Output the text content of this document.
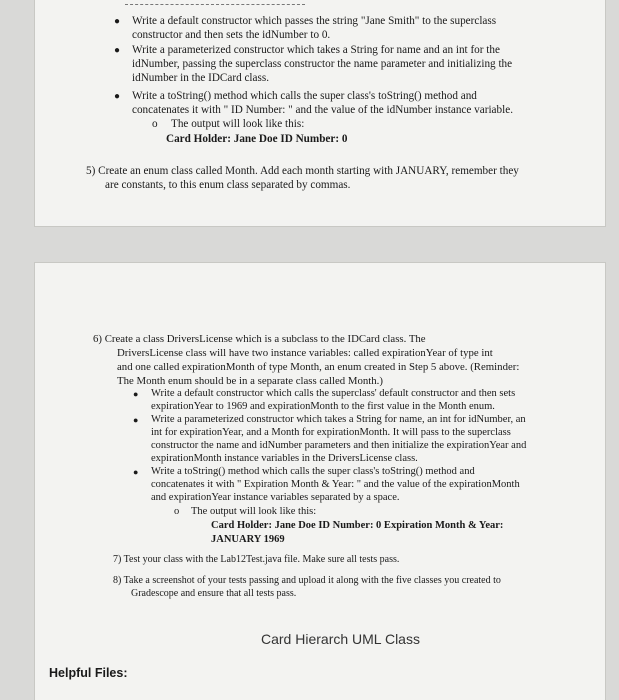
● Write a default constructor which passes the string "Jane Smith" to the superclass
constructor and then sets the idNumber to 0.
● Write a parameterized constructor which takes a String for name and an int for the
idNumber, passing the superclass constructor the name parameter and initializing the
idNumber in the IDCard class.
● Write a toString() method which calls the super class's toString() method and
concatenates it with " ID Number: " and the value of the idNumber instance variable.
o The output will look like this:
Card Holder: Jane Doe ID Number: 0
5) Create an enum class called Month. Add each month starting with JANUARY, remember they
are constants, to this enum class separated by commas.
6) Create a class DriversLicense which is a subclass to the IDCard class. The
DriversLicense class will have two instance variables: called expirationYear of type int
and one called expirationMonth of type Month, an enum created in Step 5 above. (Reminder:
The Month enum should be in a separate class called Month.)
● Write a default constructor which calls the superclass' default constructor and then sets
expirationYear to 1969 and expirationMonth to the first value in the Month enum.
● Write a parameterized constructor which takes a String for name, an int for idNumber, an
int for expirationYear, and a Month for expirationMonth. It will pass to the superclass
constructor the name and idNumber parameters and then initialize the expirationYear and
expirationMonth instance variables in the DriversLicense class.
● Write a toString() method which calls the super class's toString() method and
concatenates it with " Expiration Month & Year: " and the value of the expirationMonth
and expirationYear instance variables separated by a space.
o The output will look like this:
Card Holder: Jane Doe ID Number: 0 Expiration Month & Year:
JANUARY 1969
7) Test your class with the Lab12Test.java file. Make sure all tests pass.
8) Take a screenshot of your tests passing and upload it along with the five classes you created to
Gradescope and ensure that all tests pass.
Card Hierarch UML Class
Helpful Files:
